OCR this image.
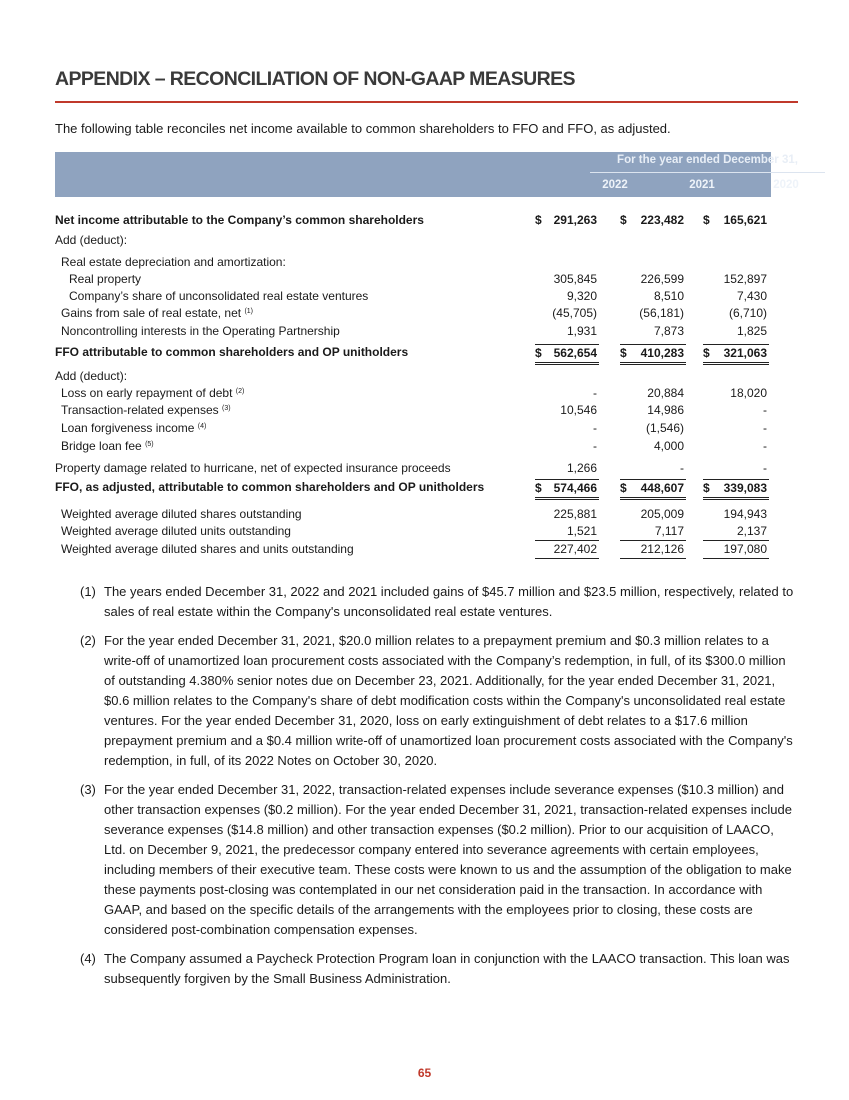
APPENDIX – RECONCILIATION OF NON-GAAP MEASURES
The following table reconciles net income available to common shareholders to FFO and FFO, as adjusted.
For the year ended December 31,
2022	2021	2020
Net income attributable to the Company’s common shareholders	$ 291,263 $ 223,482 $ 165,621
Add (deduct):
Real estate depreciation and amortization:
Real property	305,845	226,599	152,897
Company’s share of unconsolidated real estate ventures	9,320	8,510	7,430
Gains from sale of real estate, net $^{(1)}$	(45,705)	(56,181)	(6,710)
Noncontrolling interests in the Operating Partnership	1,931	7,873	1,825
FFO attributable to common shareholders and OP unitholders	$ 562,654 $ 410,283 $ 321,063
Add (deduct):
Loss on early repayment of debt $^{(2)}$	-	20,884	18,020
Transaction-related expenses $^{(3)}$	10,546	14,986	-
Loan forgiveness income $^{(4)}$	-	(1,546)	-
Bridge loan fee $^{(5)}$	-	4,000	-
Property damage related to hurricane, net of expected insurance proceeds	1,266	-	-
FFO, as adjusted, attributable to common shareholders and OP unitholders	$ 574,466 $ 448,607 $ 339,083
Weighted average diluted shares outstanding	225,881	205,009	194,943
Weighted average diluted units outstanding	1,521	7,117	2,137
Weighted average diluted shares and units outstanding	227,402	212,126	197,080
(1) The years ended December 31, 2022 and 2021 included gains of $45.7 million and $23.5 million, respectively, related to sales of real estate within the Company's unconsolidated real estate ventures.
(2) For the year ended December 31, 2021, $20.0 million relates to a prepayment premium and $0.3 million relates to a write-off of unamortized loan procurement costs associated with the Company’s redemption, in full, of its $300.0 million of outstanding 4.380% senior notes due on December 23, 2021. Additionally, for the year ended December 31, 2021, $0.6 million relates to the Company's share of debt modification costs within the Company's unconsolidated real estate ventures. For the year ended December 31, 2020, loss on early extinguishment of debt relates to a $17.6 million prepayment premium and a $0.4 million write-off of unamortized loan procurement costs associated with the Company's redemption, in full, of its 2022 Notes on October 30, 2020.
(3) For the year ended December 31, 2022, transaction-related expenses include severance expenses ($10.3 million) and other transaction expenses ($0.2 million). For the year ended December 31, 2021, transaction-related expenses include severance expenses ($14.8 million) and other transaction expenses ($0.2 million). Prior to our acquisition of LAACO, Ltd. on December 9, 2021, the predecessor company entered into severance agreements with certain employees, including members of their executive team. These costs were known to us and the assumption of the obligation to make these payments post-closing was contemplated in our net consideration paid in the transaction. In accordance with GAAP, and based on the specific details of the arrangements with the employees prior to closing, these costs are considered post-combination compensation expenses.
(4) The Company assumed a Paycheck Protection Program loan in conjunction with the LAACO transaction. This loan was subsequently forgiven by the Small Business Administration.
65
